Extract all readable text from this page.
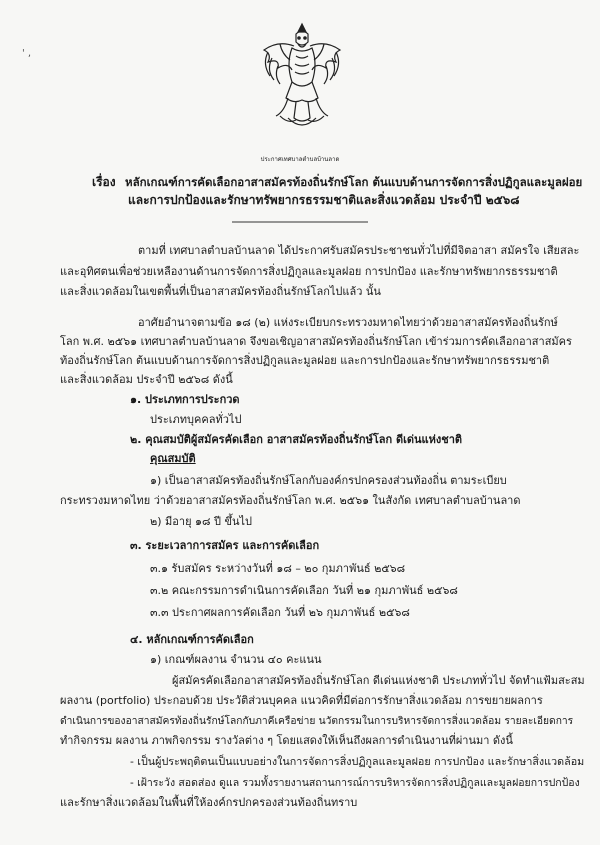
' ,
ประกาศเทศบาลตำบลบ้านลาด
เรื่อง หลักเกณฑ์การคัดเลือกอาสาสมัครท้องถิ่นรักษ์โลก ต้นแบบด้านการจัดการสิ่งปฏิกูลและมูลฝอย
และการปกป้องและรักษาทรัพยากรธรรมชาติและสิ่งแวดล้อม ประจำปี ๒๕๖๘
ตามที่ เทศบาลตำบลบ้านลาด ได้ประกาศรับสมัครประชาชนทั่วไปที่มีจิตอาสา สมัครใจ เสียสละ
และอุทิศตนเพื่อช่วยเหลืองานด้านการจัดการสิ่งปฏิกูลและมูลฝอย การปกป้อง และรักษาทรัพยากรธรรมชาติ
และสิ่งแวดล้อมในเขตพื้นที่เป็นอาสาสมัครท้องถิ่นรักษ์โลกไปแล้ว นั้น
อาศัยอำนาจตามข้อ ๑๘ (๒) แห่งระเบียบกระทรวงมหาดไทยว่าด้วยอาสาสมัครท้องถิ่นรักษ์
โลก พ.ศ. ๒๕๖๑ เทศบาลตำบลบ้านลาด จึงขอเชิญอาสาสมัครท้องถิ่นรักษ์โลก เข้าร่วมการคัดเลือกอาสาสมัคร
ท้องถิ่นรักษ์โลก ต้นแบบด้านการจัดการสิ่งปฏิกูลและมูลฝอย และการปกป้องและรักษาทรัพยากรธรรมชาติ
และสิ่งแวดล้อม ประจำปี ๒๕๖๘ ดังนี้
๑. ประเภทการประกวด
ประเภทบุคคลทั่วไป
๒. คุณสมบัติผู้สมัครคัดเลือก อาสาสมัครท้องถิ่นรักษ์โลก ดีเด่นแห่งชาติ
คุณสมบัติ
๑) เป็นอาสาสมัครท้องถิ่นรักษ์โลกกับองค์กรปกครองส่วนท้องถิ่น ตามระเบียบ
กระทรวงมหาดไทย ว่าด้วยอาสาสมัครท้องถิ่นรักษ์โลก พ.ศ. ๒๕๖๑ ในสังกัด เทศบาลตำบลบ้านลาด
๒) มีอายุ ๑๘ ปี ขึ้นไป
๓. ระยะเวลาการสมัคร และการคัดเลือก
๓.๑ รับสมัคร ระหว่างวันที่ ๑๘ – ๒๐ กุมภาพันธ์ ๒๕๖๘
๓.๒ คณะกรรมการดำเนินการคัดเลือก วันที่ ๒๑ กุมภาพันธ์ ๒๕๖๘
๓.๓ ประกาศผลการคัดเลือก วันที่ ๒๖ กุมภาพันธ์ ๒๕๖๘
๔. หลักเกณฑ์การคัดเลือก
๑) เกณฑ์ผลงาน จำนวน ๔๐ คะแนน
ผู้สมัครคัดเลือกอาสาสมัครท้องถิ่นรักษ์โลก ดีเด่นแห่งชาติ ประเภททั่วไป จัดทำแฟ้มสะสม
ผลงาน (portfolio) ประกอบด้วย ประวัติส่วนบุคคล แนวคิดที่มีต่อการรักษาสิ่งแวดล้อม การขยายผลการ
ดำเนินการของอาสาสมัครท้องถิ่นรักษ์โลกกับภาคีเครือข่าย นวัตกรรมในการบริหารจัดการสิ่งแวดล้อม รายละเอียดการ
ทำกิจกรรม ผลงาน ภาพกิจกรรม รางวัลต่าง ๆ โดยแสดงให้เห็นถึงผลการดำเนินงานที่ผ่านมา ดังนี้
- เป็นผู้ประพฤติตนเป็นแบบอย่างในการจัดการสิ่งปฏิกูลและมูลฝอย การปกป้อง และรักษาสิ่งแวดล้อม
- เฝ้าระวัง สอดส่อง ดูแล รวมทั้งรายงานสถานการณ์การบริหารจัดการสิ่งปฏิกูลและมูลฝอยการปกป้อง
และรักษาสิ่งแวดล้อมในพื้นที่ให้องค์กรปกครองส่วนท้องถิ่นทราบ
